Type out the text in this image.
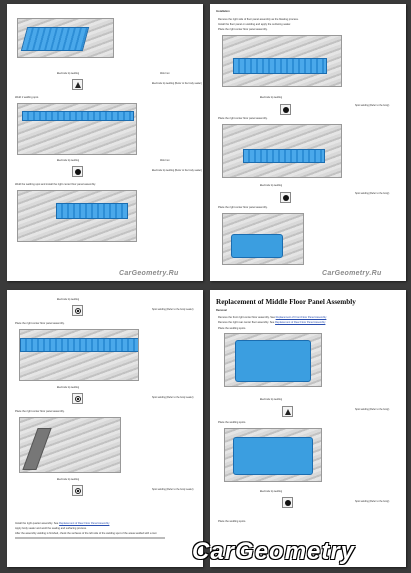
Electrode tip welding	Weld nut
Electrode tip welding (Refer to the body sealer)
Weld 1 welding spot.
Electrode tip welding	Weld nut
Electrode tip welding (Refer to the body sealer)
Weld the welding spot and install the right center floor panel assembly.
CarGeometry.Ru
Installation
Remove the right side of floor panel assembly as the blasting process.
Install the floor panel on welding and apply the surfacing sealer.
Place the right center floor panel assembly.
Electrode tip welding
Spot welding (Refer to the body)
Place the right center floor panel assembly.
Electrode tip welding
Spot welding (Refer to the body)
Place the right center floor panel assembly.
CarGeometry.Ru
Electrode tip welding
Spot welding (Refer to the body sealer)
Place the right center floor panel assembly.
Electrode tip welding
Spot welding (Refer to the body sealer)
Place the right center floor panel assembly.
Electrode tip welding
Spot welding (Refer to the body sealer)
Install the right quarter assembly. See Replacement of Rear Floor Panel Assembly
Apply body sealer and weld the sealing and surfacing process.
After the assembly welding is finished, check the surfaces of the left side of the welding spot of the areas welded with a tool.
Replacement of Middle Floor Panel Assembly
Removal
Remove the front right center floor assembly. See Replacement of Front Floor Panel Assembly
Remove the right rear center floor assembly. See Replacement of Rear Floor Panel Assembly
Place the welding spots.
Electrode tip welding
Spot welding (Refer to the body)
Place the welding spots.
Electrode tip welding
Spot welding (Refer to the body)
Place the welding spots.
CarGeometry
